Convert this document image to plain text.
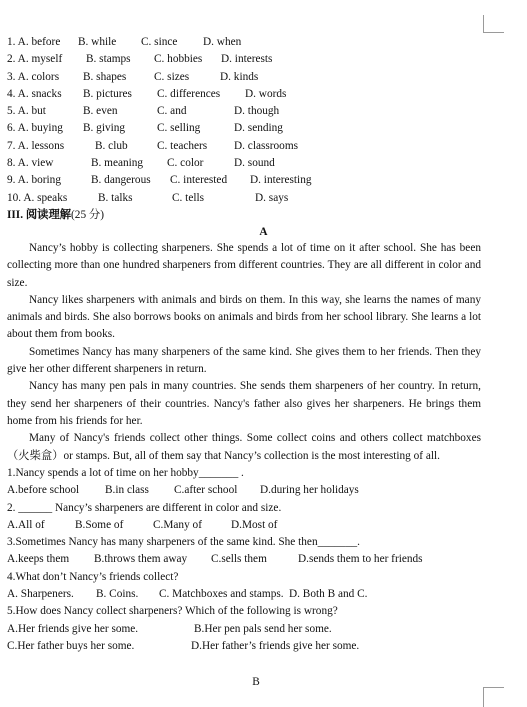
1. A. before B. while C. since D. when
2. A. myself B. stamps C. hobbies D. interests
3. A. colors B. shapes C. sizes	D. kinds
4. A. snacks B. pictures C. differences D. words
5. A. but	B. even	C. and	D. though
6. A. buying B. giving	C. selling	D. sending
7. A. lessons	B. club	C. teachers D. classrooms
8. A. view	B. meaning C. color	D. sound
9. A. boring	B. dangerous C. interested D. interesting
10. A. speaks	B. talks	C. tells	D. says
III. 阅读理解(25 分)
A

Nancy’s hobby is collecting sharpeners. She spends a lot of time on it after school. She has been collecting more than one hundred sharpeners from different countries. They are all different in color and size.

Nancy likes sharpeners with animals and birds on them. In this way, she learns the names of many animals and birds. She also borrows books on animals and birds from her school library. She learns a lot about them from books.

Sometimes Nancy has many sharpeners of the same kind. She gives them to her friends. Then they give her other different sharpeners in return.

Nancy has many pen pals in many countries. She sends them sharpeners of her country. In return, they send her sharpeners of their countries. Nancy's father also gives her sharpeners. He brings them home from his friends for her.

Many of Nancy's friends collect other things. Some collect coins and others collect matchboxes（火柴盒）or stamps. But, all of them say that Nancy’s collection is the most interesting of all.

1.Nancy spends a lot of time on her hobby_______ .
A.before school B.in class C.after school D.during her holidays
2. ______ Nancy’s sharpeners are different in color and size.
A.All of	B.Some of	C.Many of	D.Most of
3.Sometimes Nancy has many sharpeners of the same kind. She then_______.
A.keeps them B.throws them away C.sells them	D.sends them to her friends
4.What don’t Nancy’s friends collect?
A. Sharpeners. B. Coins. C. Matchboxes and stamps. D. Both B and C.
5.How does Nancy collect sharpeners? Which of the following is wrong?
A.Her friends give her some.	B.Her pen pals send her some.
C.Her father buys her some.	D.Her father’s friends give her some.
B
